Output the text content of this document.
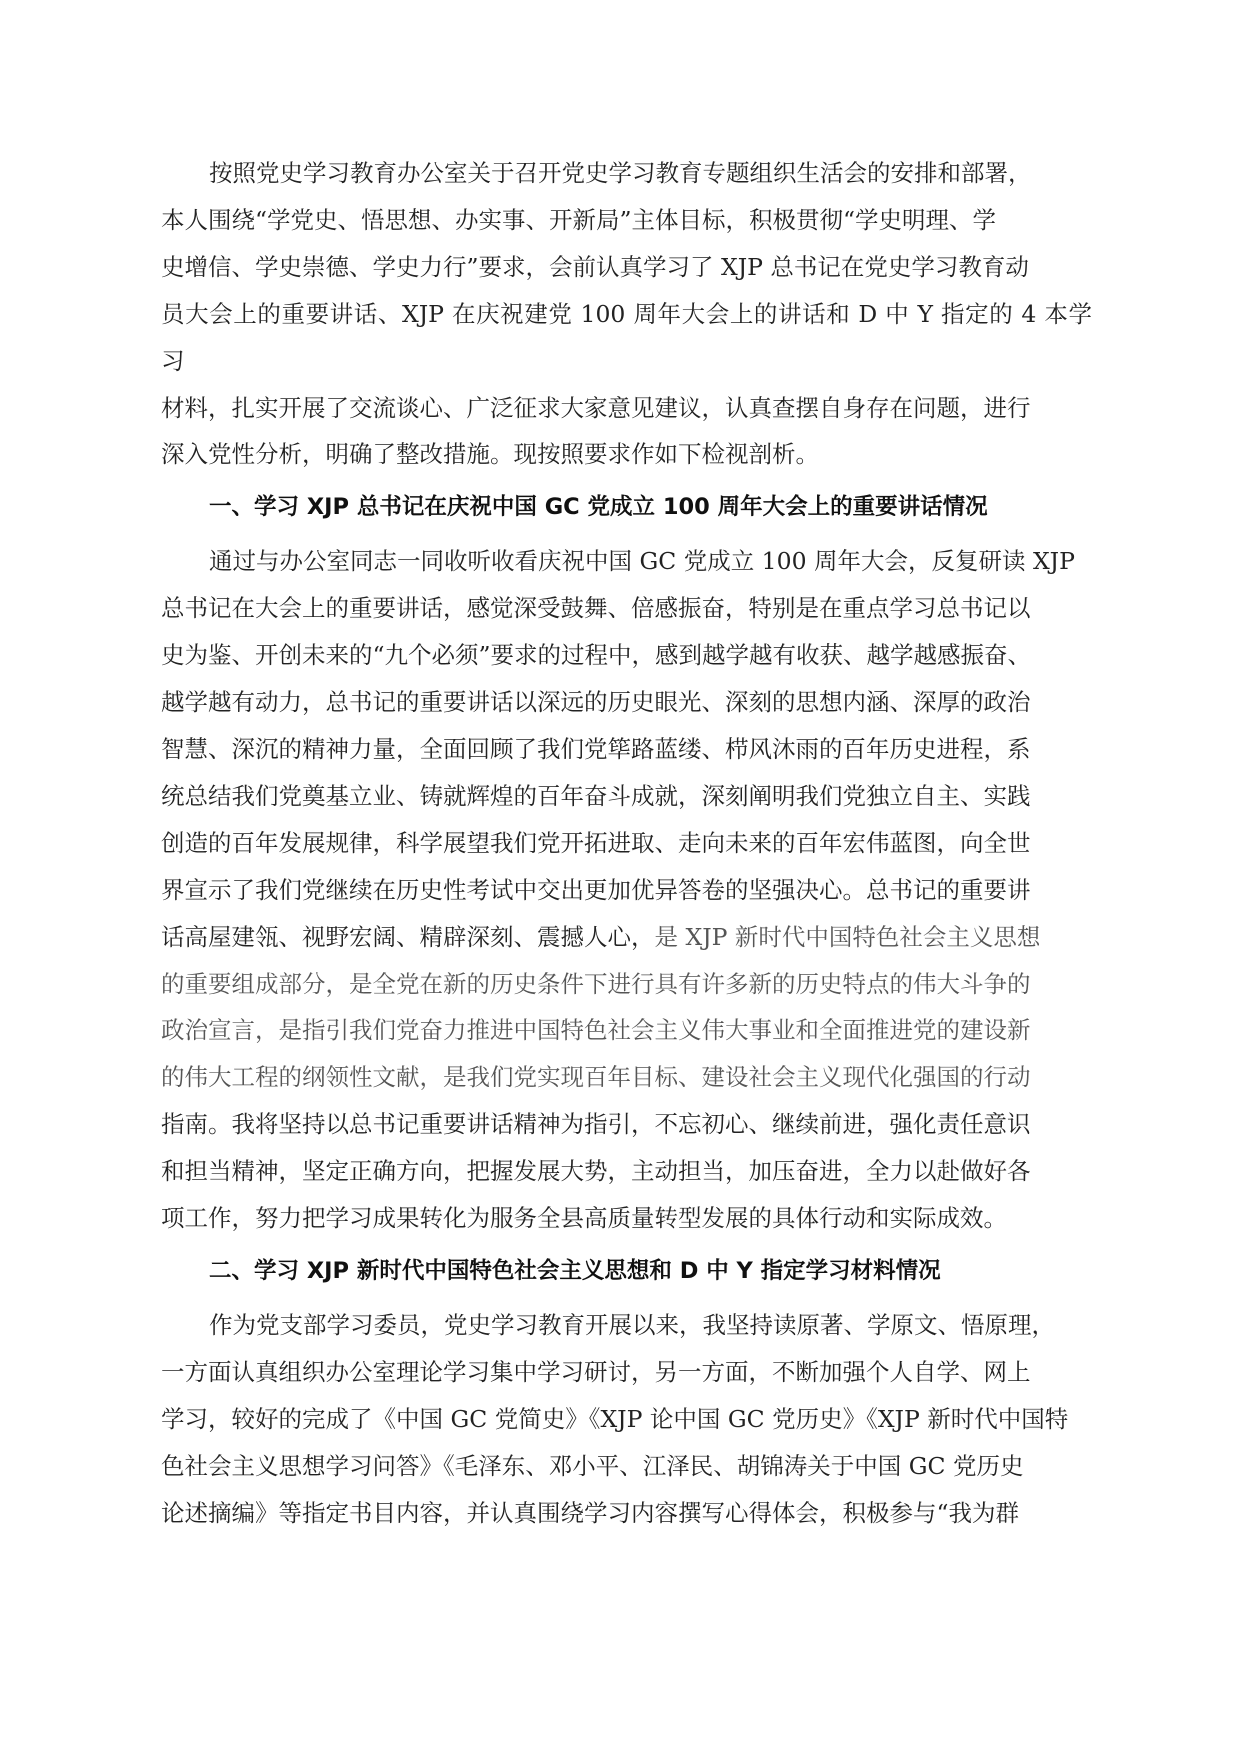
按照党史学习教育办公室关于召开党史学习教育专题组织生活会的安排和部署，
本人围绕“学党史、悟思想、办实事、开新局”主体目标，积极贯彻“学史明理、学
史增信、学史崇德、学史力行”要求，会前认真学习了 XJP 总书记在党史学习教育动
员大会上的重要讲话、XJP 在庆祝建党 100 周年大会上的讲话和 D 中 Y 指定的 4 本学习
材料，扎实开展了交流谈心、广泛征求大家意见建议，认真查摆自身存在问题，进行
深入党性分析，明确了整改措施。现按照要求作如下检视剖析。

一、学习 XJP 总书记在庆祝中国 GC 党成立 100 周年大会上的重要讲话情况

通过与办公室同志一同收听收看庆祝中国 GC 党成立 100 周年大会，反复研读 XJP
总书记在大会上的重要讲话，感觉深受鼓舞、倍感振奋，特别是在重点学习总书记以
史为鉴、开创未来的“九个必须”要求的过程中，感到越学越有收获、越学越感振奋、
越学越有动力，总书记的重要讲话以深远的历史眼光、深刻的思想内涵、深厚的政治
智慧、深沉的精神力量，全面回顾了我们党筚路蓝缕、栉风沐雨的百年历史进程，系
统总结我们党奠基立业、铸就辉煌的百年奋斗成就，深刻阐明我们党独立自主、实践
创造的百年发展规律，科学展望我们党开拓进取、走向未来的百年宏伟蓝图，向全世
界宣示了我们党继续在历史性考试中交出更加优异答卷的坚强决心。总书记的重要讲
话高屋建瓴、视野宏阔、精辟深刻、震撼人心，是 XJP 新时代中国特色社会主义思想
的重要组成部分，是全党在新的历史条件下进行具有许多新的历史特点的伟大斗争的
政治宣言，是指引我们党奋力推进中国特色社会主义伟大事业和全面推进党的建设新
的伟大工程的纲领性文献，是我们党实现百年目标、建设社会主义现代化强国的行动
指南。我将坚持以总书记重要讲话精神为指引，不忘初心、继续前进，强化责任意识
和担当精神，坚定正确方向，把握发展大势，主动担当，加压奋进，全力以赴做好各
项工作，努力把学习成果转化为服务全县高质量转型发展的具体行动和实际成效。

二、学习 XJP 新时代中国特色社会主义思想和 D 中 Y 指定学习材料情况

作为党支部学习委员，党史学习教育开展以来，我坚持读原著、学原文、悟原理，
一方面认真组织办公室理论学习集中学习研讨，另一方面，不断加强个人自学、网上
学习，较好的完成了《中国 GC 党简史》《XJP 论中国 GC 党历史》《XJP 新时代中国特
色社会主义思想学习问答》《毛泽东、邓小平、江泽民、胡锦涛关于中国 GC 党历史
论述摘编》等指定书目内容，并认真围绕学习内容撰写心得体会，积极参与“我为群
